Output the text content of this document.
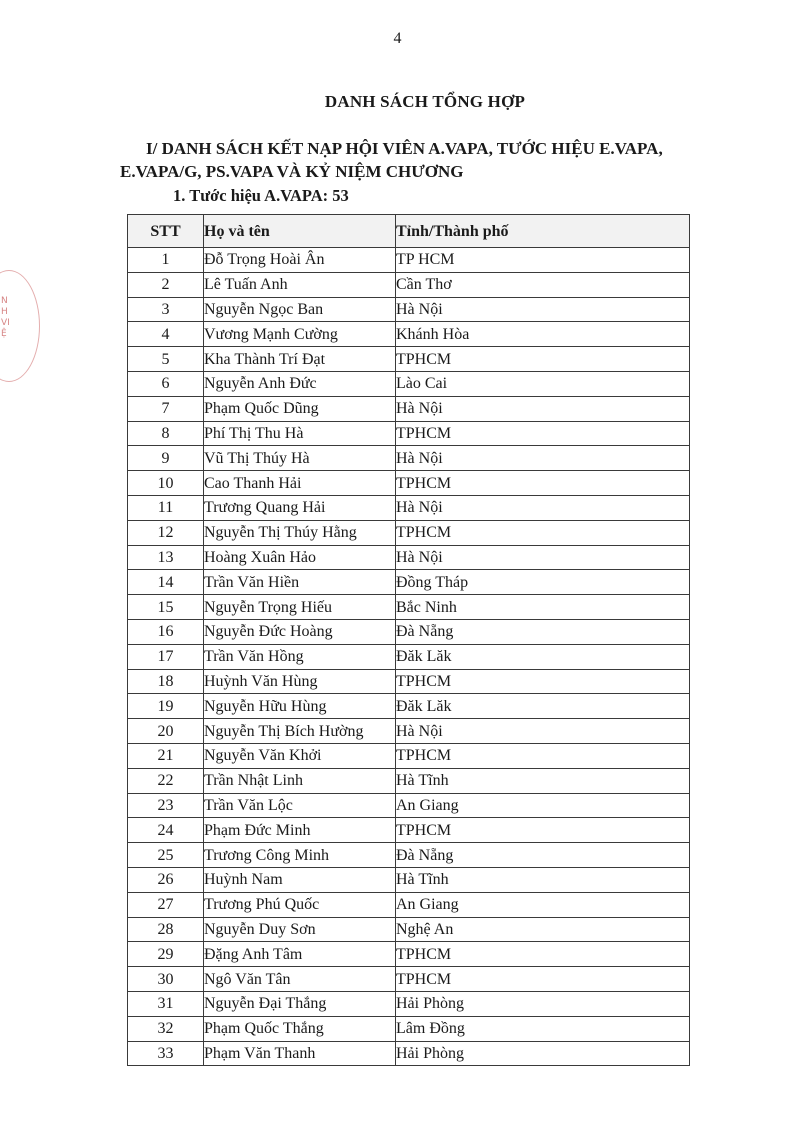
4
DANH SÁCH TỔNG HỢP
I/ DANH SÁCH KẾT NẠP HỘI VIÊN A.VAPA, TƯỚC HIỆU E.VAPA, E.VAPA/G, PS.VAPA VÀ KỶ NIỆM CHƯƠNG
1. Tước hiệu A.VAPA: 53
NH VIỆ
STT	Họ và tên	Tỉnh/Thành phố
1	Đỗ Trọng Hoài Ân	TP HCM
2	Lê Tuấn Anh	Cần Thơ
3	Nguyễn Ngọc Ban	Hà Nội
4	Vương Mạnh Cường	Khánh Hòa
5	Kha Thành Trí Đạt	TPHCM
6	Nguyễn Anh Đức	Lào Cai
7	Phạm Quốc Dũng	Hà Nội
8	Phí Thị Thu Hà	TPHCM
9	Vũ Thị Thúy Hà	Hà Nội
10	Cao Thanh Hải	TPHCM
11	Trương Quang Hải	Hà Nội
12	Nguyễn Thị Thúy Hằng	TPHCM
13	Hoàng Xuân Hảo	Hà Nội
14	Trần Văn Hiền	Đồng Tháp
15	Nguyễn Trọng Hiếu	Bắc Ninh
16	Nguyễn Đức Hoàng	Đà Nẵng
17	Trần Văn Hồng	Đăk Lăk
18	Huỳnh Văn Hùng	TPHCM
19	Nguyễn Hữu Hùng	Đăk Lăk
20	Nguyễn Thị Bích Hường	Hà Nội
21	Nguyễn Văn Khởi	TPHCM
22	Trần Nhật Linh	Hà Tĩnh
23	Trần Văn Lộc	An Giang
24	Phạm Đức Minh	TPHCM
25	Trương Công Minh	Đà Nẵng
26	Huỳnh Nam	Hà Tĩnh
27	Trương Phú Quốc	An Giang
28	Nguyễn Duy Sơn	Nghệ An
29	Đặng Anh Tâm	TPHCM
30	Ngô Văn Tân	TPHCM
31	Nguyễn Đại Thắng	Hải Phòng
32	Phạm Quốc Thắng	Lâm Đồng
33	Phạm Văn Thanh	Hải Phòng
